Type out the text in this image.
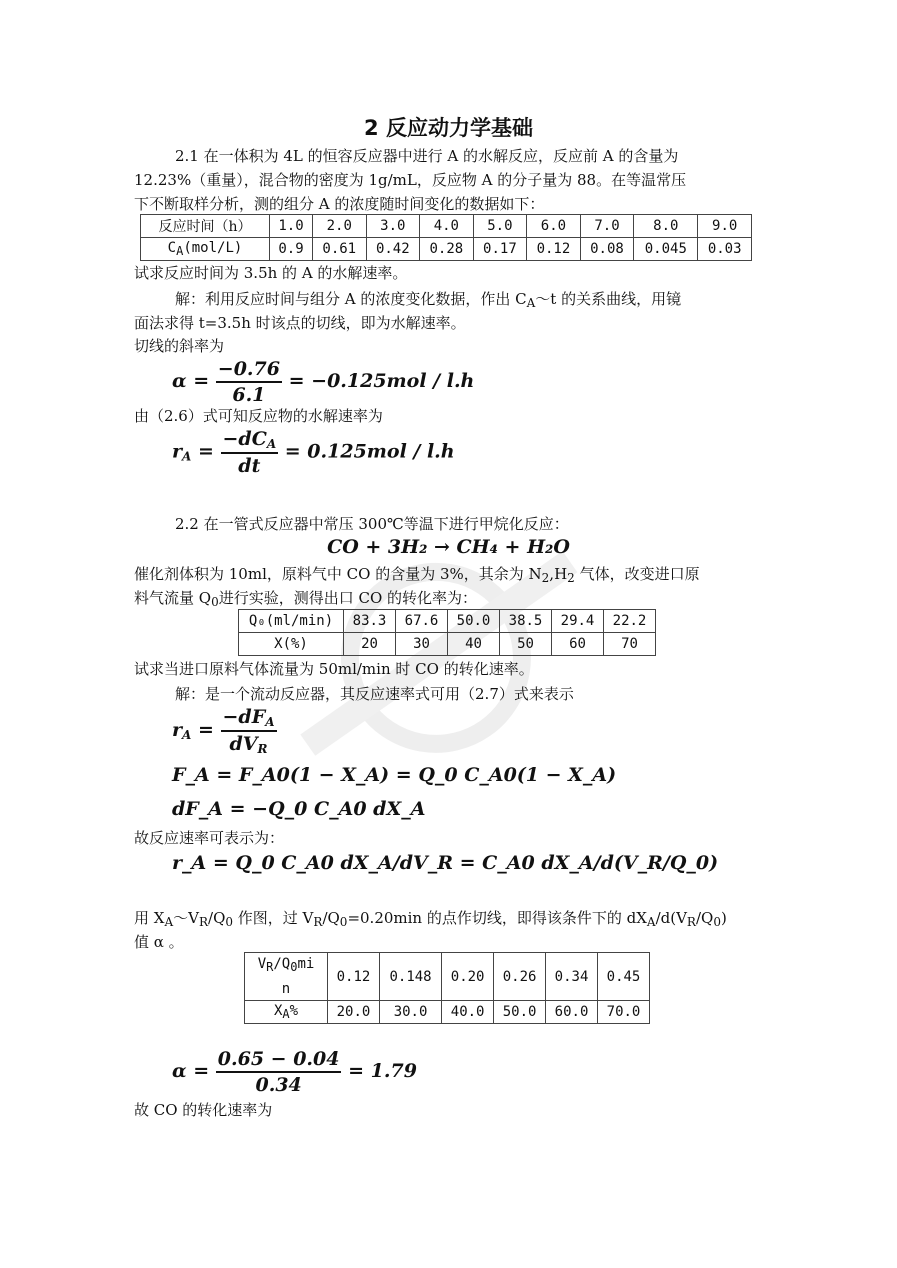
2 反应动力学基础
2.1 在一体积为 4L 的恒容反应器中进行 A 的水解反应，反应前 A 的含量为
12.23%（重量），混合物的密度为 1g/mL，反应物 A 的分子量为 88。在等温常压
下不断取样分析，测的组分 A 的浓度随时间变化的数据如下：
反应时间（h）	1.0	2.0	3.0	4.0	5.0	6.0	7.0	8.0	9.0
$C_A(mol/L)$	0.9	0.61	0.42	0.28	0.17	0.12	0.08	0.045	0.03
试求反应时间为 3.5h 的 A 的水解速率。
解：利用反应时间与组分 A 的浓度变化数据，作出 $C_A\sim t$ 的关系曲线，用镜
面法求得 t=3.5h 时该点的切线，即为水解速率。
切线的斜率为
$\alpha = \frac{-0.76}{6.1} = -0.125mol / l.h$
由（2.6）式可知反应物的水解速率为
$r_A = \frac{-dC_A}{dt} = 0.125mol / l.h$
2.2 在一管式反应器中常压 300℃等温下进行甲烷化反应：
CO + 3H₂ → CH₄ + H₂O
催化剂体积为 10ml，原料气中 CO 的含量为 3%，其余为 $N_2,H_2$ 气体，改变进口原
料气流量 $Q_0$进行实验，测得出口 CO 的转化率为：
Q₀(ml/min)	83.3	67.6	50.0	38.5	29.4	22.2
X(%)	20	30	40	50	60	70
试求当进口原料气体流量为 50ml/min 时 CO 的转化速率。
解：是一个流动反应器，其反应速率式可用（2.7）式来表示
$r_A = \frac{-dF_A}{dV_R}$
F_A = F_A0(1 − X_A) = Q_0 C_A0(1 − X_A)
dF_A = −Q_0 C_A0 dX_A
故反应速率可表示为：
r_A = Q_0 C_A0 dX_A/dV_R = C_A0 dX_A/d(V_R/Q_0)
用 $X_A\sim V_R/Q_0$ 作图，过 $V_R/Q_0=0.20\min$ 的点作切线，即得该条件下的 $dX_A/d(V_R/Q_0)$
值 α 。
$V_R/Q_0mi$
n	0.12	0.148	0.20	0.26	0.34	0.45
$X_A\%$	20.0	30.0	40.0	50.0	60.0	70.0
$\alpha = \frac{0.65 - 0.04}{0.34} = 1.79$
故 CO 的转化速率为
